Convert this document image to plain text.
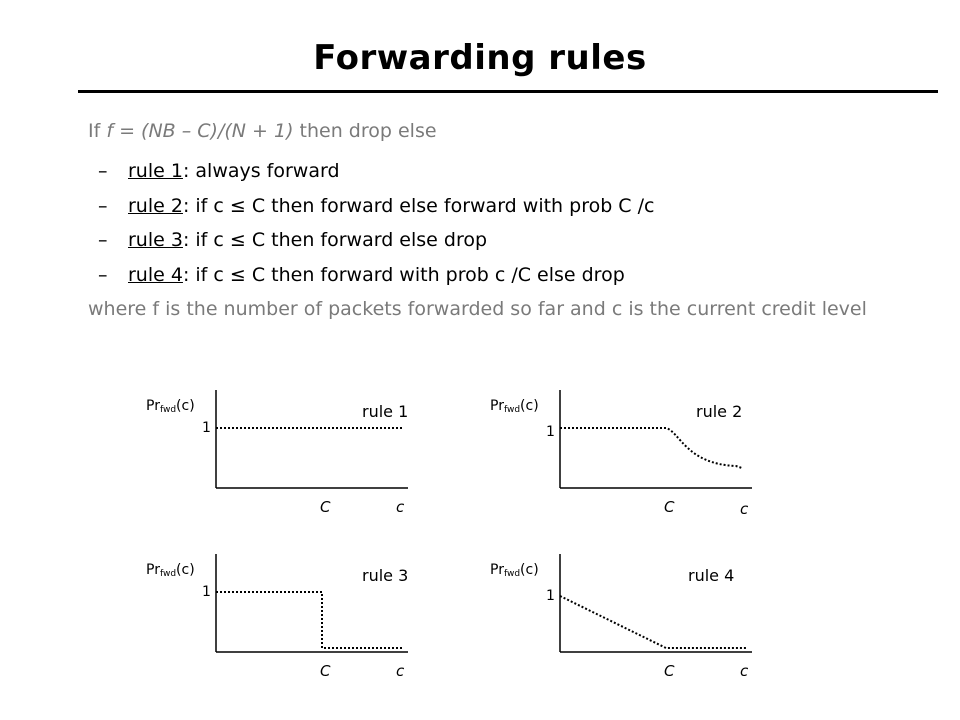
Forwarding rules
If f = (NB – C)/(N + 1) then drop else
–	rule 1 : always forward
–	rule 2 : if c ≤ C then forward else forward with prob C /c
–	rule 3 : if c ≤ C then forward else drop
–	rule 4 : if c ≤ C then forward with prob c /C else drop
where f is the number of packets forwarded so far and c is the current credit level
$Pr_{fwd}(c)$
1
rule 1
C	c
$Pr_{fwd}(c)$
1
rule 2
C	c
$Pr_{fwd}(c)$
1
rule 3
C	c
$Pr_{fwd}(c)$
1
rule 4
C	c
